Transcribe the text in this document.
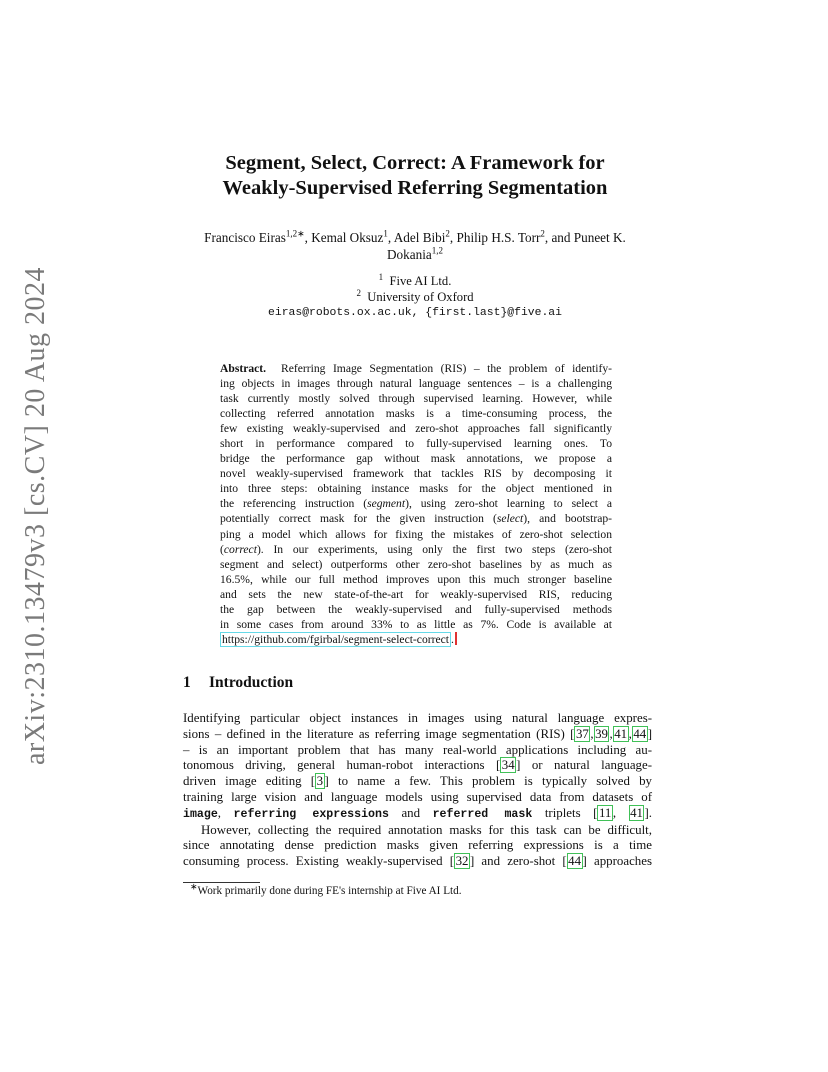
arXiv:2310.13479v3 [cs.CV] 20 Aug 2024
Segment, Select, Correct: A Framework for
Weakly-Supervised Referring Segmentation
Francisco Eiras$^{1,2∗}$, Kemal Oksuz$^1$, Adel Bibi$^2$, Philip H.S. Torr$^2$, and Puneet K.
Dokania$^{1,2}$
$^1$ Five AI Ltd.
$^2$ University of Oxford
eiras@robots.ox.ac.uk, {first.last}@five.ai
Abstract. Referring Image Segmentation (RIS) – the problem of identify-
ing objects in images through natural language sentences – is a challenging
task currently mostly solved through supervised learning. However, while
collecting referred annotation masks is a time-consuming process, the
few existing weakly-supervised and zero-shot approaches fall significantly
short in performance compared to fully-supervised learning ones. To
bridge the performance gap without mask annotations, we propose a
novel weakly-supervised framework that tackles RIS by decomposing it
into three steps: obtaining instance masks for the object mentioned in
the referencing instruction (segment), using zero-shot learning to select a
potentially correct mask for the given instruction (select), and bootstrap-
ping a model which allows for fixing the mistakes of zero-shot selection
(correct). In our experiments, using only the first two steps (zero-shot
segment and select) outperforms other zero-shot baselines by as much as
16.5%, while our full method improves upon this much stronger baseline
and sets the new state-of-the-art for weakly-supervised RIS, reducing
the gap between the weakly-supervised and fully-supervised methods
in some cases from around 33% to as little as 7%. Code is available at
https://github.com/fgirbal/segment-select-correct .
1 Introduction
Identifying particular object instances in images using natural language expres-
sions – defined in the literature as referring image segmentation (RIS) [ 37 , 39 , 41 , 44 ]
– is an important problem that has many real-world applications including au-
tonomous driving, general human-robot interactions [ 34 ] or natural language-
driven image editing [ 3 ] to name a few. This problem is typically solved by
training large vision and language models using supervised data from datasets of
image, referring expressions and referred mask triplets [ 11 , 41 ].
However, collecting the required annotation masks for this task can be difficult,
since annotating dense prediction masks given referring expressions is a time
consuming process. Existing weakly-supervised [ 32 ] and zero-shot [ 44 ] approaches
∗Work primarily done during FE's internship at Five AI Ltd.
